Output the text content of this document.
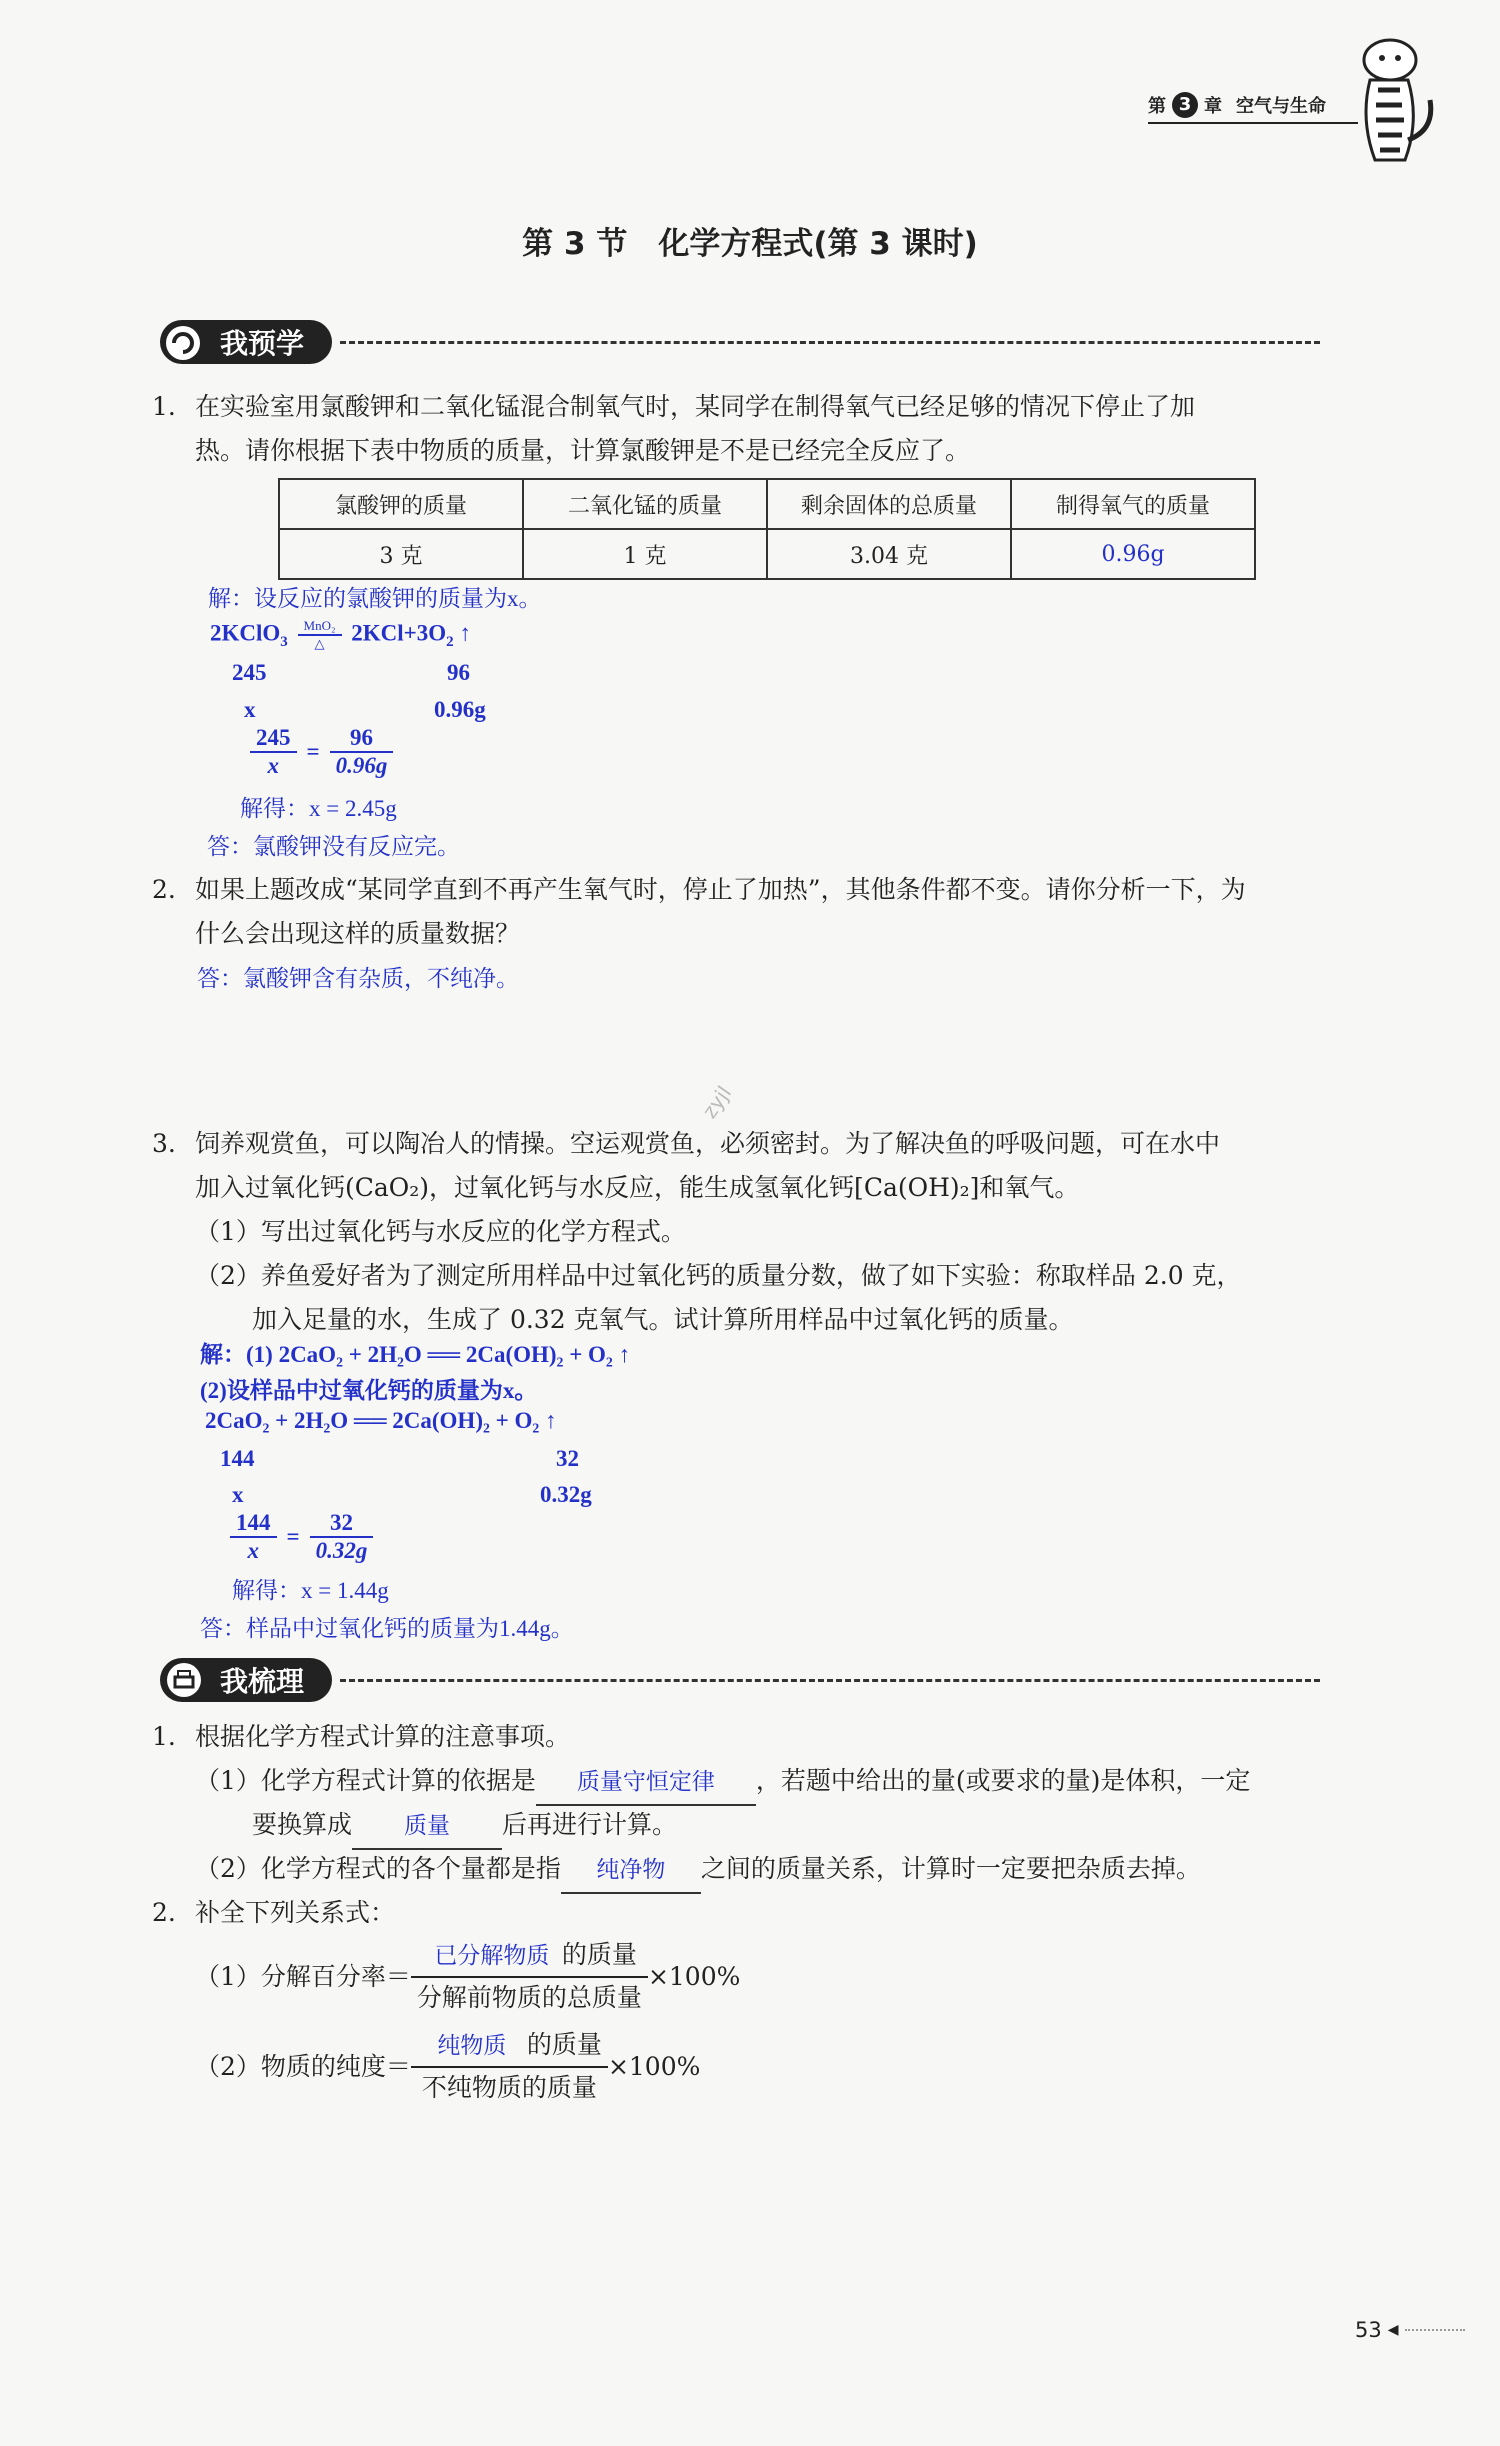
第 3 章 空气与生命
第 3 节　化学方程式(第 3 课时)
我预学
1. 在实验室用氯酸钾和二氧化锰混合制氧气时，某同学在制得氧气已经足够的情况下停止了加
热。请你根据下表中物质的质量，计算氯酸钾是不是已经完全反应了。
氯酸钾的质量	二氧化锰的质量	剩余固体的总质量	制得氧气的质量
3 克	1 克	3.04 克	0.96g
解：设反应的氯酸钾的质量为x。
2KClO$_3$ $\frac{\text{MnO₂}}{\triangle} 2KCl+3O_2$ ↑
245	96
x	0.96g
$\frac{245}{x} = \frac{96}{0.96g}$
解得：x = 2.45g
答：氯酸钾没有反应完。
2. 如果上题改成“某同学直到不再产生氧气时，停止了加热”，其他条件都不变。请你分析一下，为
什么会出现这样的质量数据？
答：氯酸钾含有杂质，不纯净。
zyjl
3. 饲养观赏鱼，可以陶冶人的情操。空运观赏鱼，必须密封。为了解决鱼的呼吸问题，可在水中
加入过氧化钙(CaO₂)，过氧化钙与水反应，能生成氢氧化钙[Ca(OH)₂]和氧气。
（1）写出过氧化钙与水反应的化学方程式。
（2）养鱼爱好者为了测定所用样品中过氧化钙的质量分数，做了如下实验：称取样品 2.0 克，
加入足量的水，生成了 0.32 克氧气。试计算所用样品中过氧化钙的质量。
解：(1) 2CaO₂ + 2H₂O ══ 2Ca(OH)₂ + O₂ ↑
(2)设样品中过氧化钙的质量为x。
2CaO₂ + 2H₂O ══ 2Ca(OH)₂ + O₂ ↑
144	32
x	0.32g
$\frac{144}{x} = \frac{32}{0.32g}$
解得：x = 1.44g
答：样品中过氧化钙的质量为1.44g。
我梳理
1. 根据化学方程式计算的注意事项。
（1）化学方程式计算的依据是 质量守恒定律 ，若题中给出的量(或要求的量)是体积，一定
要换算成 质量 后再进行计算。
（2）化学方程式的各个量都是指 纯净物 之间的质量关系，计算时一定要把杂质去掉。
2. 补全下列关系式：
（1）分解百分率＝ $\frac{\text{已分解物质 的质量}}{\text{分解前物质的总质量}} \times 100\%$
（2）物质的纯度＝ $\frac{\text{纯物质 的质量}}{\text{不纯物质的质量}} \times 100\%$
53 ◀
